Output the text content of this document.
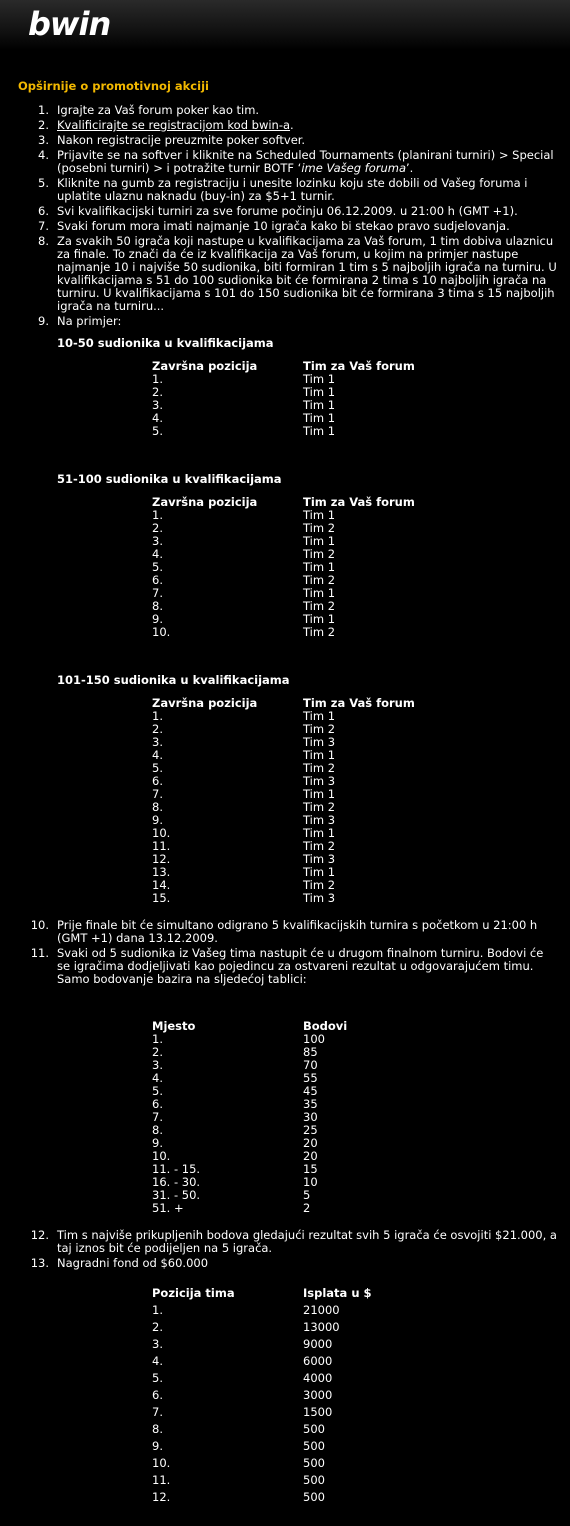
bwin
Opširnije o promotivnoj akciji
1. Igrajte za Vaš forum poker kao tim.
2. Kvalificirajte se registracijom kod bwin-a.
3. Nakon registracije preuzmite poker softver.
4. Prijavite se na softver i kliknite na Scheduled Tournaments (planirani turniri) > Special (posebni turniri) > i potražite turnir BOTF ‘ime Vašeg foruma’.
5. Kliknite na gumb za registraciju i unesite lozinku koju ste dobili od Vašeg foruma i uplatite ulaznu naknadu (buy-in) za $5+1 turnir.
6. Svi kvalifikacijski turniri za sve forume počinju 06.12.2009. u 21:00 h (GMT +1).
7. Svaki forum mora imati najmanje 10 igrača kako bi stekao pravo sudjelovanja.
8. Za svakih 50 igrača koji nastupe u kvalifikacijama za Vaš forum, 1 tim dobiva ulaznicu za finale. To znači da će iz kvalifikacija za Vaš forum, u kojim na primjer nastupe najmanje 10 i najviše 50 sudionika, biti formiran 1 tim s 5 najboljih igrača na turniru. U kvalifikacijama s 51 do 100 sudionika bit će formirana 2 tima s 10 najboljih igrača na turniru. U kvalifikacijama s 101 do 150 sudionika bit će formirana 3 tima s 15 najboljih igrača na turniru...
9. Na primjer:
10-50 sudionika u kvalifikacijama
Završna pozicija	Tim za Vaš forum
1.	Tim 1
2.	Tim 1
3.	Tim 1
4.	Tim 1
5.	Tim 1
51-100 sudionika u kvalifikacijama
Završna pozicija	Tim za Vaš forum
1.	Tim 1
2.	Tim 2
3.	Tim 1
4.	Tim 2
5.	Tim 1
6.	Tim 2
7.	Tim 1
8.	Tim 2
9.	Tim 1
10.	Tim 2
101-150 sudionika u kvalifikacijama
Završna pozicija	Tim za Vaš forum
1.	Tim 1
2.	Tim 2
3.	Tim 3
4.	Tim 1
5.	Tim 2
6.	Tim 3
7.	Tim 1
8.	Tim 2
9.	Tim 3
10.	Tim 1
11.	Tim 2
12.	Tim 3
13.	Tim 1
14.	Tim 2
15.	Tim 3
10. Prije finale bit će simultano odigrano 5 kvalifikacijskih turnira s početkom u 21:00 h (GMT +1) dana 13.12.2009.
11. Svaki od 5 sudionika iz Vašeg tima nastupit će u drugom finalnom turniru. Bodovi će se igračima dodjeljivati kao pojedincu za ostvareni rezultat u odgovarajućem timu. Samo bodovanje bazira na sljedećoj tablici:
Mjesto	Bodovi
1.	100
2.	85
3.	70
4.	55
5.	45
6.	35
7.	30
8.	25
9.	20
10.	20
11. - 15.	15
16. - 30.	10
31. - 50.	5
51. +	2
12. Tim s najviše prikupljenih bodova gledajući rezultat svih 5 igrača će osvojiti $21.000, a taj iznos bit će podijeljen na 5 igrača.
13. Nagradni fond od $60.000
Pozicija tima	Isplata u $
1.	21000
2.	13000
3.	9000
4.	6000
5.	4000
6.	3000
7.	1500
8.	500
9.	500
10.	500
11.	500
12.	500
